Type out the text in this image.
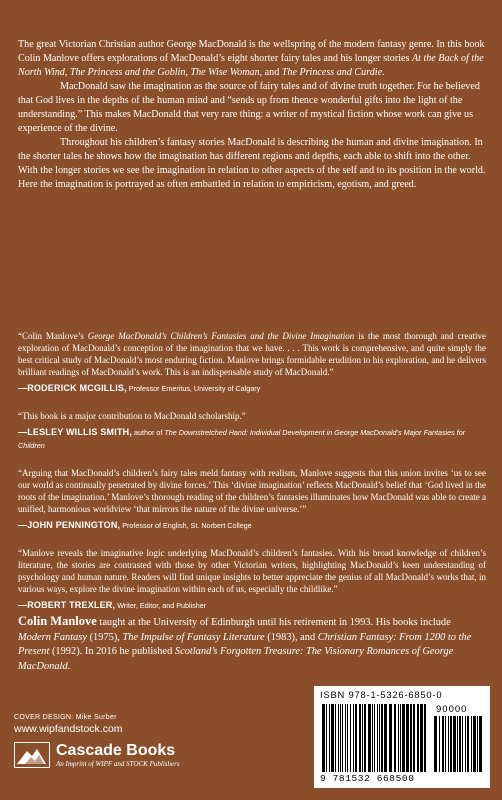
The great Victorian Christian author George MacDonald is the wellspring of the modern fantasy genre. In this book Colin Manlove offers explorations of MacDonald’s eight shorter fairy tales and his longer stories At the Back of the North Wind, The Princess and the Goblin, The Wise Woman, and The Princess and Curdie.

MacDonald saw the imagination as the source of fairy tales and of divine truth together. For he believed that God lives in the depths of the human mind and “sends up from thence wonderful gifts into the light of the understanding.” This makes MacDonald that very rare thing: a writer of mystical fiction whose work can give us experience of the divine.

Throughout his children’s fantasy stories MacDonald is describing the human and divine imagination. In the shorter tales he shows how the imagination has different regions and depths, each able to shift into the other. With the longer stories we see the imagination in relation to other aspects of the self and to its position in the world. Here the imagination is portrayed as often embattled in relation to empiricism, egotism, and greed.

“Colin Manlove’s George MacDonald’s Children’s Fantasies and the Divine Imagination is the most thorough and creative exploration of MacDonald’s conception of the imagination that we have. . . . This work is comprehensive, and quite simply the best critical study of MacDonald’s most enduring fiction. Manlove brings formidable erudition to his exploration, and he delivers brilliant readings of MacDonald’s work. This is an indispensable study of MacDonald.”

—RODERICK MCGILLIS, Professor Emeritus, University of Calgary

“This book is a major contribution to MacDonald scholarship.”

—LESLEY WILLIS SMITH, author of The Downstretched Hand: Individual Development in George MacDonald’s Major Fantasies for Children

“Arguing that MacDonald’s children’s fairy tales meld fantasy with realism, Manlove suggests that this union invites ‘us to see our world as continually penetrated by divine forces.’ This ‘divine imagination’ reflects MacDonald’s belief that ‘God lived in the roots of the imagination.’ Manlove’s thorough reading of the children’s fantasies illuminates how MacDonald was able to create a unified, harmonious worldview ‘that mirrors the nature of the divine universe.’”

—JOHN PENNINGTON, Professor of English, St. Norbert College

“Manlove reveals the imaginative logic underlying MacDonald’s children’s fantasies. With his broad knowledge of children’s literature, the stories are contrasted with those by other Victorian writers, highlighting MacDonald’s keen understanding of psychology and human nature. Readers will find unique insights to better appreciate the genius of all MacDonald’s works that, in various ways, explore the divine imagination within each of us, especially the childlike.”

—ROBERT TREXLER, Writer, Editor, and Publisher

Colin Manlove taught at the University of Edinburgh until his retirement in 1993. His books include Modern Fantasy (1975), The Impulse of Fantasy Literature (1983), and Christian Fantasy: From 1200 to the Present (1992). In 2016 he published Scotland’s Forgotten Treasure: The Visionary Romances of George MacDonald.

COVER DESIGN: Mike Surber
www.wipfandstock.com
Cascade Books
An Imprint of WIPF and STOCK Publishers
ISBN 978-1-5326-6850-0
90000
9 781532 668500
